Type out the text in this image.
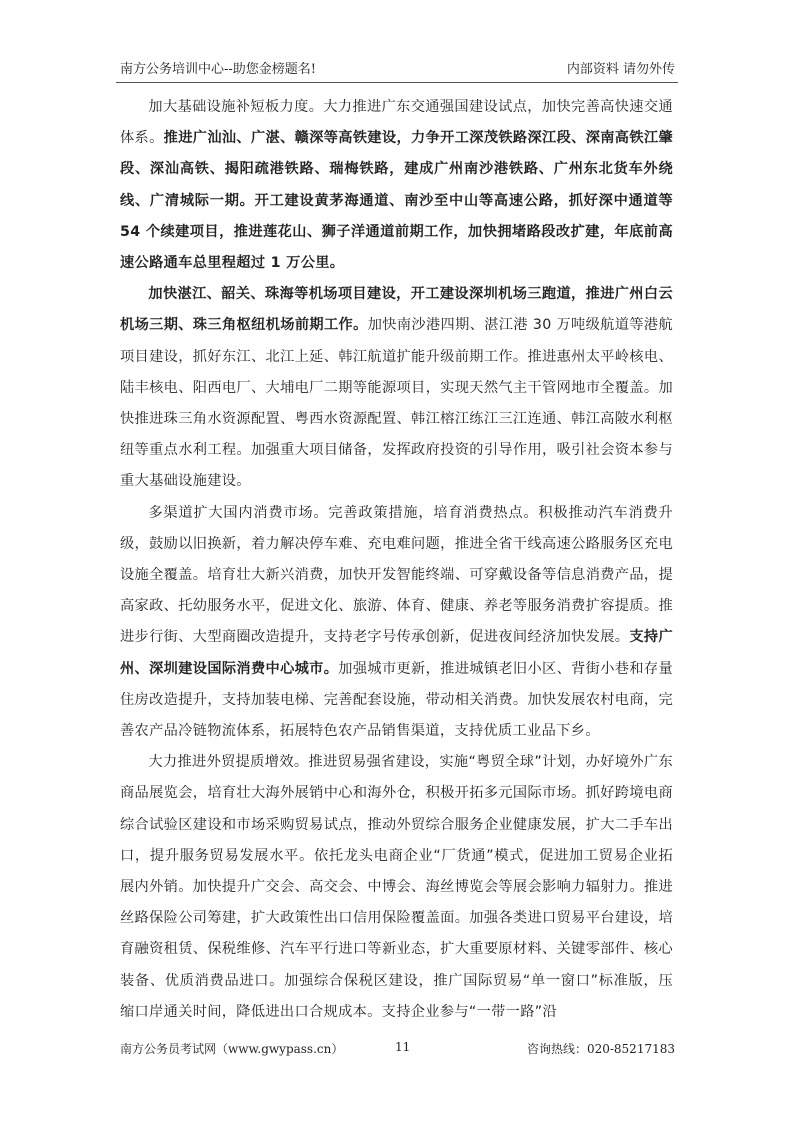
南方公务培训中心--助您金榜题名!	内部资料 请勿外传

加大基础设施补短板力度。大力推进广东交通强国建设试点，加快完善高快速交通体系。推进广汕汕、广湛、赣深等高铁建设，力争开工深茂铁路深江段、深南高铁江肇段、深汕高铁、揭阳疏港铁路、瑞梅铁路，建成广州南沙港铁路、广州东北货车外绕线、广清城际一期。开工建设黄茅海通道、南沙至中山等高速公路，抓好深中通道等 54 个续建项目，推进莲花山、狮子洋通道前期工作，加快拥堵路段改扩建，年底前高速公路通车总里程超过 1 万公里。

加快湛江、韶关、珠海等机场项目建设，开工建设深圳机场三跑道，推进广州白云机场三期、珠三角枢纽机场前期工作。加快南沙港四期、湛江港 30 万吨级航道等港航项目建设，抓好东江、北江上延、韩江航道扩能升级前期工作。推进惠州太平岭核电、陆丰核电、阳西电厂、大埔电厂二期等能源项目，实现天然气主干管网地市全覆盖。加快推进珠三角水资源配置、粤西水资源配置、韩江榕江练江三江连通、韩江高陂水利枢纽等重点水利工程。加强重大项目储备，发挥政府投资的引导作用，吸引社会资本参与重大基础设施建设。

多渠道扩大国内消费市场。完善政策措施，培育消费热点。积极推动汽车消费升级，鼓励以旧换新，着力解决停车难、充电难问题，推进全省干线高速公路服务区充电设施全覆盖。培育壮大新兴消费，加快开发智能终端、可穿戴设备等信息消费产品，提高家政、托幼服务水平，促进文化、旅游、体育、健康、养老等服务消费扩容提质。推进步行街、大型商圈改造提升，支持老字号传承创新，促进夜间经济加快发展。支持广州、深圳建设国际消费中心城市。加强城市更新，推进城镇老旧小区、背街小巷和存量住房改造提升，支持加装电梯、完善配套设施，带动相关消费。加快发展农村电商，完善农产品冷链物流体系，拓展特色农产品销售渠道，支持优质工业品下乡。

大力推进外贸提质增效。推进贸易强省建设，实施“粤贸全球”计划，办好境外广东商品展览会，培育壮大海外展销中心和海外仓，积极开拓多元国际市场。抓好跨境电商综合试验区建设和市场采购贸易试点，推动外贸综合服务企业健康发展，扩大二手车出口，提升服务贸易发展水平。依托龙头电商企业“厂货通”模式，促进加工贸易企业拓展内外销。加快提升广交会、高交会、中博会、海丝博览会等展会影响力辐射力。推进丝路保险公司筹建，扩大政策性出口信用保险覆盖面。加强各类进口贸易平台建设，培育融资租赁、保税维修、汽车平行进口等新业态，扩大重要原材料、关键零部件、核心装备、优质消费品进口。加强综合保税区建设，推广国际贸易“单一窗口”标准版，压缩口岸通关时间，降低进出口合规成本。支持企业参与“一带一路”沿

南方公务员考试网（www.gwypass.cn）	11	咨询热线：020-85217183
